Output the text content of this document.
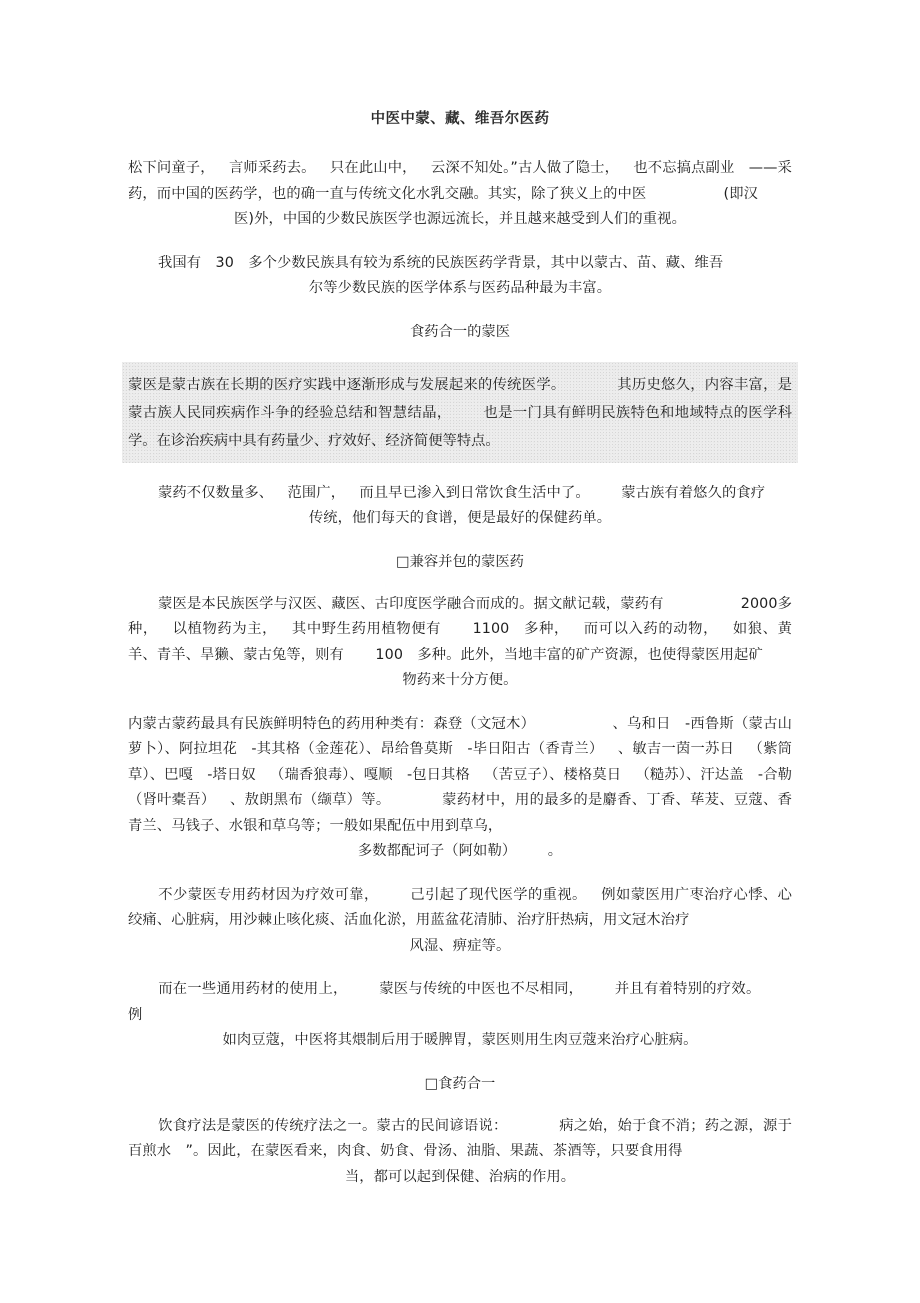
中医中蒙、藏、维吾尔医药

松下问童子， 言师采药去。 只在此山中， 云深不知处。”古人做了隐士， 也不忘搞点副业 ——采药，而中国的医药学，也的确一直与传统文化水乳交融。其实，除了狭义上的中医	(即汉
医)外，中国的少数民族医学也源远流长，并且越来越受到人们的重视。

我国有 30 多个少数民族具有较为系统的民族医药学背景，其中以蒙古、苗、藏、维吾
尔等少数民族的医学体系与医药品种最为丰富。

食药合一的蒙医
蒙医是蒙古族在长期的医疗实践中逐渐形成与发展起来的传统医学。	其历史悠久，内容丰富，是蒙古族人民同疾病作斗争的经验总结和智慧结晶， 也是一门具有鲜明民族特色和地域特点的医学科学。在诊治疾病中具有药量少、疗效好、经济简便等特点。

蒙药不仅数量多、 范围广， 而且早已渗入到日常饮食生活中了。 蒙古族有着悠久的食疗
传统，他们每天的食谱，便是最好的保健药单。

□兼容并包的蒙医药

蒙医是本民族医学与汉医、藏医、古印度医学融合而成的。据文献记载，蒙药有	2000多种， 以植物药为主， 其中野生药用植物便有 1100 多种， 而可以入药的动物， 如狼、黄羊、青羊、旱獭、蒙古兔等，则有 100 多种。此外，当地丰富的矿产资源，也使得蒙医用起矿
物药来十分方便。

内蒙古蒙药最具有民族鲜明特色的药用种类有：森登（文冠木）	、乌和日 -西鲁斯（蒙古山萝卜）、阿拉坦花 -其其格（金莲花）、昂给鲁莫斯 -毕日阳古（香青兰） 、敏吉一茵一苏日 （紫筒草）、巴嘎 -塔日奴 （瑞香狼毒）、嘎顺 -包日其格 （苦豆子）、楼格莫日 （糙苏）、汗达盖 -合勒（肾叶橐吾） 、敖朗黑布（缬草）等。	蒙药材中，用的最多的是麝香、丁香、荜茇、豆蔻、香青兰、马钱子、水银和草乌等；一般如果配伍中用到草乌，
多数都配诃子（阿如勒） 。

不少蒙医专用药材因为疗效可靠， 己引起了现代医学的重视。 例如蒙医用广枣治疗心悸、心绞痛、心脏病，用沙棘止咳化痰、活血化淤，用蓝盆花清肺、治疗肝热病，用文冠木治疗
风湿、痹症等。

而在一些通用药材的使用上， 蒙医与传统的中医也不尽相同， 并且有着特别的疗效。例
如肉豆蔻，中医将其煨制后用于暖脾胃，蒙医则用生肉豆蔻来治疗心脏病。

□食药合一

饮食疗法是蒙医的传统疗法之一。蒙古的民间谚语说：	病之始，始于食不消；药之源，源于百煎水 ”。因此，在蒙医看来，肉食、奶食、骨汤、油脂、果蔬、茶酒等，只要食用得
当，都可以起到保健、治病的作用。
